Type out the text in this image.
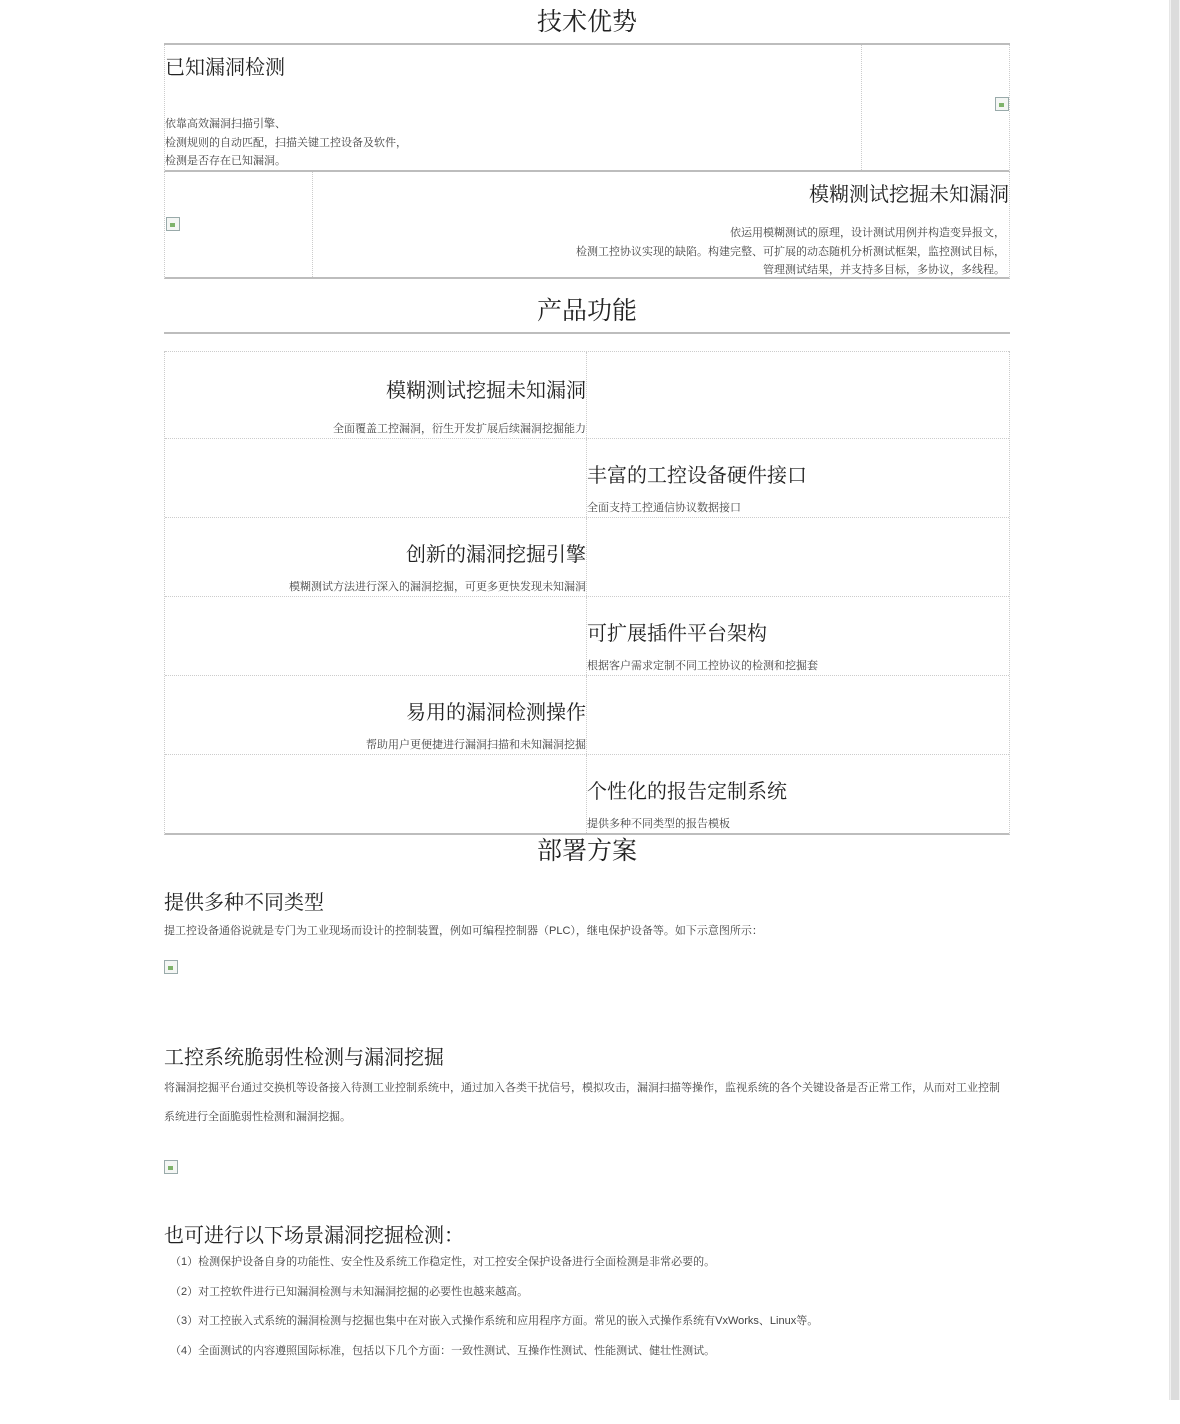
技术优势
已知漏洞检测
依靠高效漏洞扫描引擎、
检测规则的自动匹配，扫描关键工控设备及软件，
检测是否存在已知漏洞。
模糊测试挖掘未知漏洞
依运用模糊测试的原理，设计测试用例并构造变异报文，
检测工控协议实现的缺陷。构建完整、可扩展的动态随机分析测试框架，监控测试目标，
管理测试结果，并支持多目标，多协议，多线程。
产品功能
模糊测试挖掘未知漏洞
全面覆盖工控漏洞，衍生开发扩展后续漏洞挖掘能力
丰富的工控设备硬件接口
全面支持工控通信协议数据接口
创新的漏洞挖掘引擎
模糊测试方法进行深入的漏洞挖掘，可更多更快发现未知漏洞
可扩展插件平台架构
根据客户需求定制不同工控协议的检测和挖掘套
易用的漏洞检测操作
帮助用户更便捷进行漏洞扫描和未知漏洞挖掘
个性化的报告定制系统
提供多种不同类型的报告模板
部署方案
提供多种不同类型
提工控设备通俗说就是专门为工业现场而设计的控制装置，例如可编程控制器（PLC），继电保护设备等。如下示意图所示：
工控系统脆弱性检测与漏洞挖掘
将漏洞挖掘平台通过交换机等设备接入待测工业控制系统中，通过加入各类干扰信号，模拟攻击，漏洞扫描等操作，监视系统的各个关键设备是否正常工作，从而对工业控制系统进行全面脆弱性检测和漏洞挖掘。
也可进行以下场景漏洞挖掘检测：
（1）检测保护设备自身的功能性、安全性及系统工作稳定性，对工控安全保护设备进行全面检测是非常必要的。
（2）对工控软件进行已知漏洞检测与未知漏洞挖掘的必要性也越来越高。
（3）对工控嵌入式系统的漏洞检测与挖掘也集中在对嵌入式操作系统和应用程序方面。常见的嵌入式操作系统有VxWorks、Linux等。
（4）全面测试的内容遵照国际标准，包括以下几个方面：一致性测试、互操作性测试、性能测试、健壮性测试。
